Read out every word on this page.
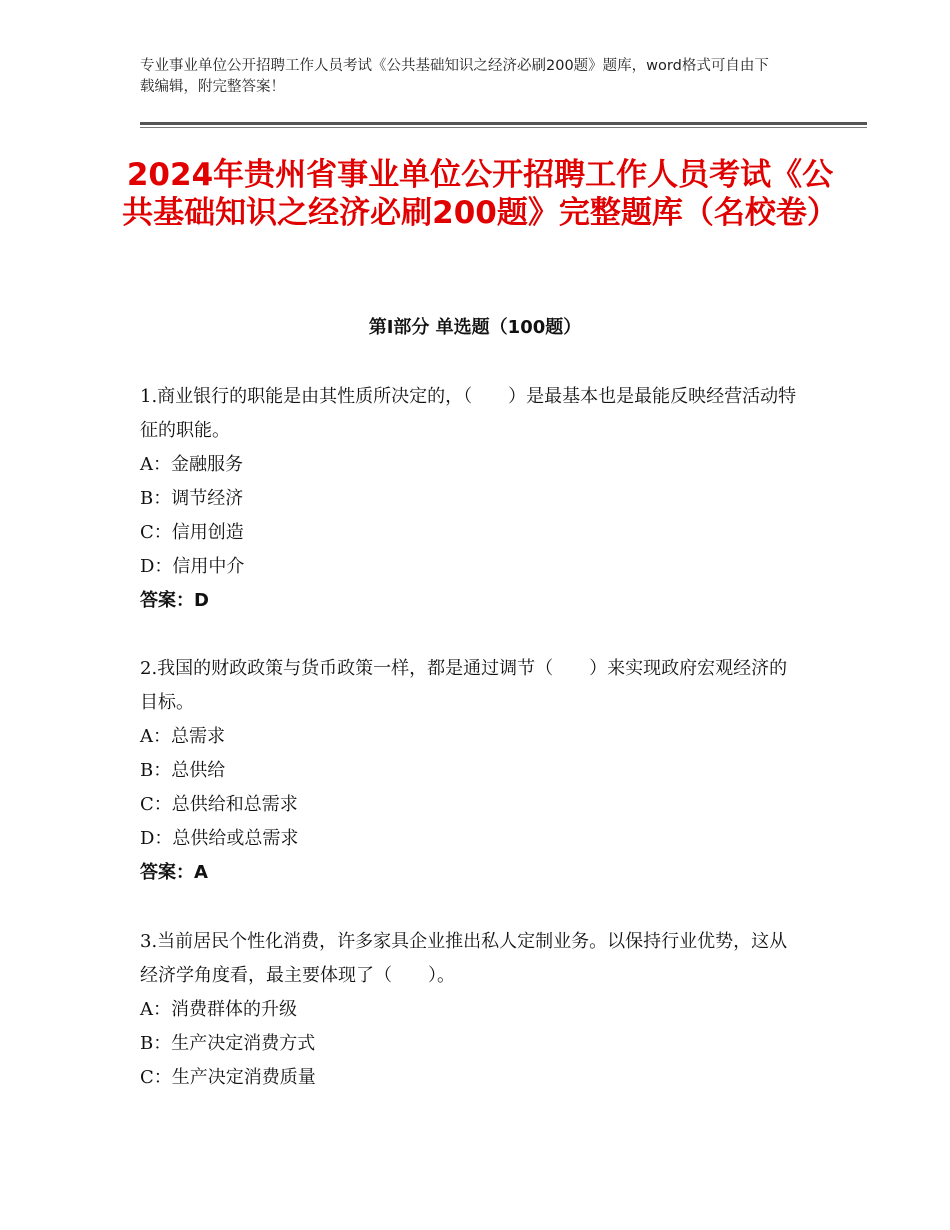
专业事业单位公开招聘工作人员考试《公共基础知识之经济必刷200题》题库，word格式可自由下载编辑，附完整答案！
2024年贵州省事业单位公开招聘工作人员考试《公共基础知识之经济必刷200题》完整题库（名校卷）
第Ⅰ部分 单选题（100题）
1.商业银行的职能是由其性质所决定的，（　　）是最基本也是最能反映经营活动特征的职能。
A：金融服务
B：调节经济
C：信用创造
D：信用中介
答案：D
2.我国的财政政策与货币政策一样，都是通过调节（　　）来实现政府宏观经济的目标。
A：总需求
B：总供给
C：总供给和总需求
D：总供给或总需求
答案：A
3.当前居民个性化消费，许多家具企业推出私人定制业务。以保持行业优势，这从经济学角度看，最主要体现了（　　）。
A：消费群体的升级
B：生产决定消费方式
C：生产决定消费质量
